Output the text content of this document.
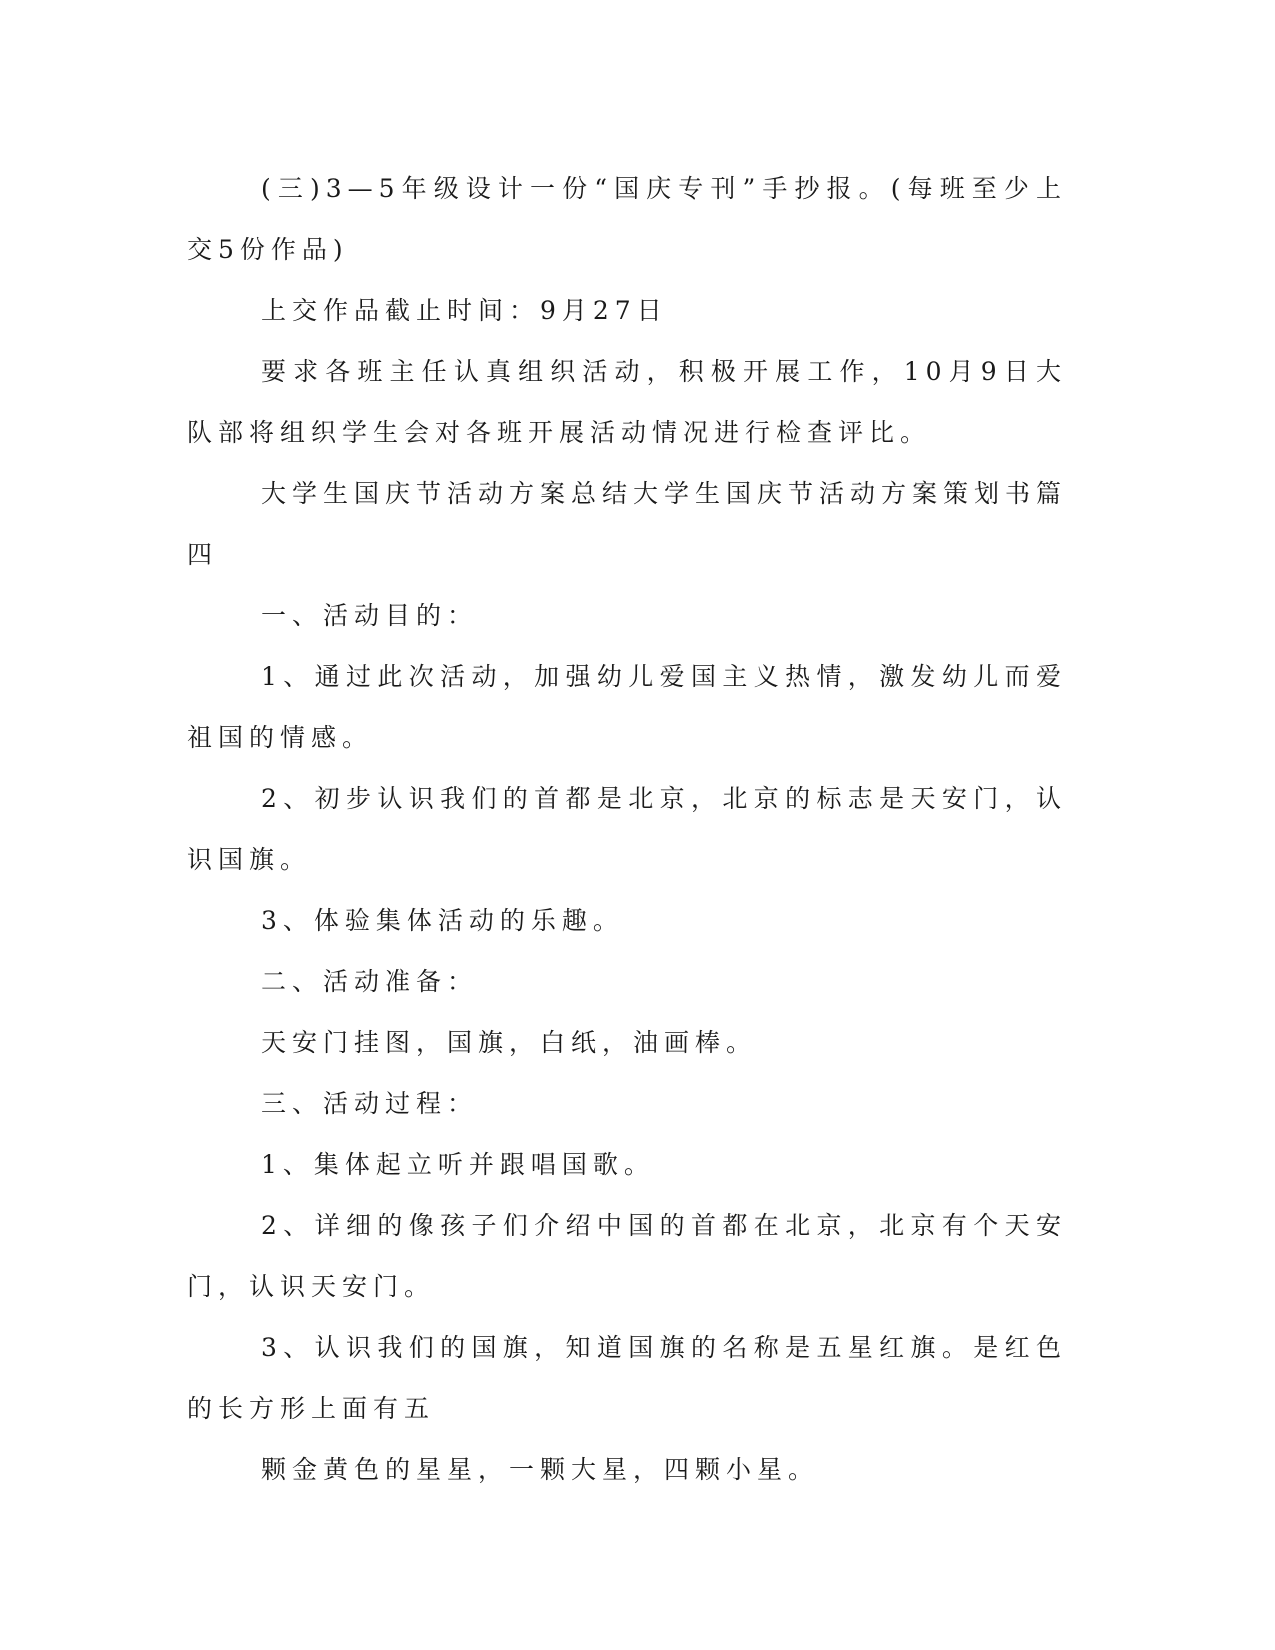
(三)3—5年级设计一份“国庆专刊”手抄报。(每班至少上交5份作品)

上交作品截止时间：9月27日

要求各班主任认真组织活动，积极开展工作，10月9日大队部将组织学生会对各班开展活动情况进行检查评比。

大学生国庆节活动方案总结大学生国庆节活动方案策划书篇四

一、活动目的：

1、通过此次活动，加强幼儿爱国主义热情，激发幼儿而爱祖国的情感。

2、初步认识我们的首都是北京，北京的标志是天安门，认识国旗。

3、体验集体活动的乐趣。

二、活动准备：

天安门挂图，国旗，白纸，油画棒。

三、活动过程：

1、集体起立听并跟唱国歌。

2、详细的像孩子们介绍中国的首都在北京，北京有个天安门，认识天安门。

3、认识我们的国旗，知道国旗的名称是五星红旗。是红色的长方形上面有五

颗金黄色的星星，一颗大星，四颗小星。
